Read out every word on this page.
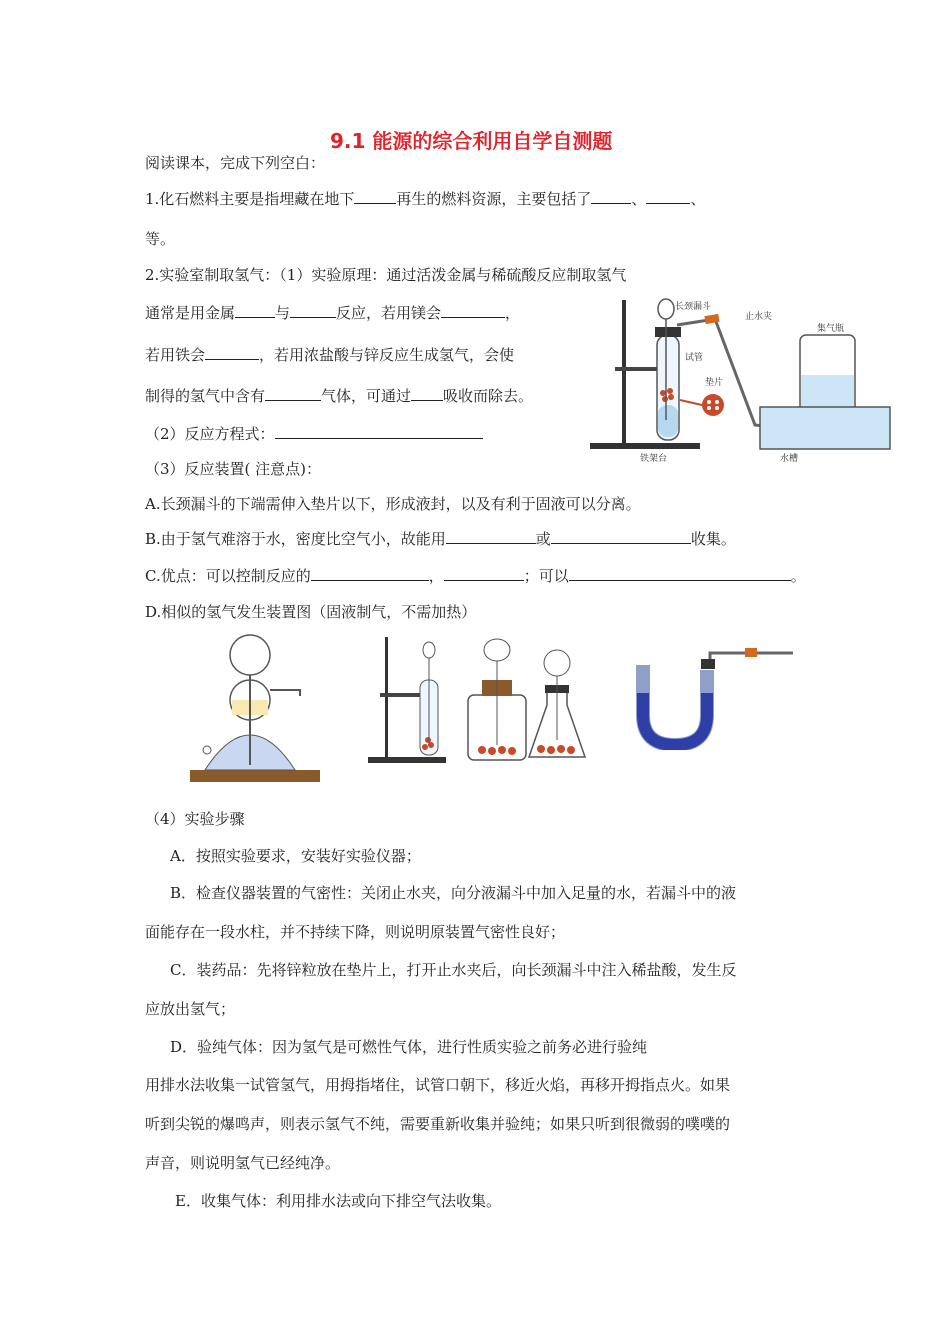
9.1 能源的综合利用自学自测题
阅读课本，完成下列空白：
1.化石燃料主要是指埋藏在地下	再生的燃料资源，主要包括了	、	、
等。
2.实验室制取氢气：（1）实验原理：通过活泼金属与稀硫酸反应制取氢气
通常是用金属	与	反应，若用镁会	，
若用铁会	，若用浓盐酸与锌反应生成氢气，会使
制得的氢气中含有	气体，可通过 吸收而除去。
（2）反应方程式：
（3）反应装置( 注意点)：
A.长颈漏斗的下端需伸入垫片以下，形成液封，以及有利于固液可以分离。
B.由于氢气难溶于水，密度比空气小，故能用	或	收集。
C.优点：可以控制反应的	，	；可以	。
D.相似的氢气发生装置图（固液制气，不需加热）
长颈漏斗
止水夹
集气瓶
试管
垫片
铁架台	水槽
（4）实验步骤
A．按照实验要求，安装好实验仪器；
B．检查仪器装置的气密性：关闭止水夹，向分液漏斗中加入足量的水，若漏斗中的液
面能存在一段水柱，并不持续下降，则说明原装置气密性良好；
C．装药品：先将锌粒放在垫片上，打开止水夹后，向长颈漏斗中注入稀盐酸，发生反
应放出氢气；
D．验纯气体：因为氢气是可燃性气体，进行性质实验之前务必进行验纯
用排水法收集一试管氢气，用拇指堵住，试管口朝下，移近火焰，再移开拇指点火。如果
听到尖锐的爆鸣声，则表示氢气不纯，需要重新收集并验纯；如果只听到很微弱的噗噗的
声音，则说明氢气已经纯净。
E．收集气体：利用排水法或向下排空气法收集。
